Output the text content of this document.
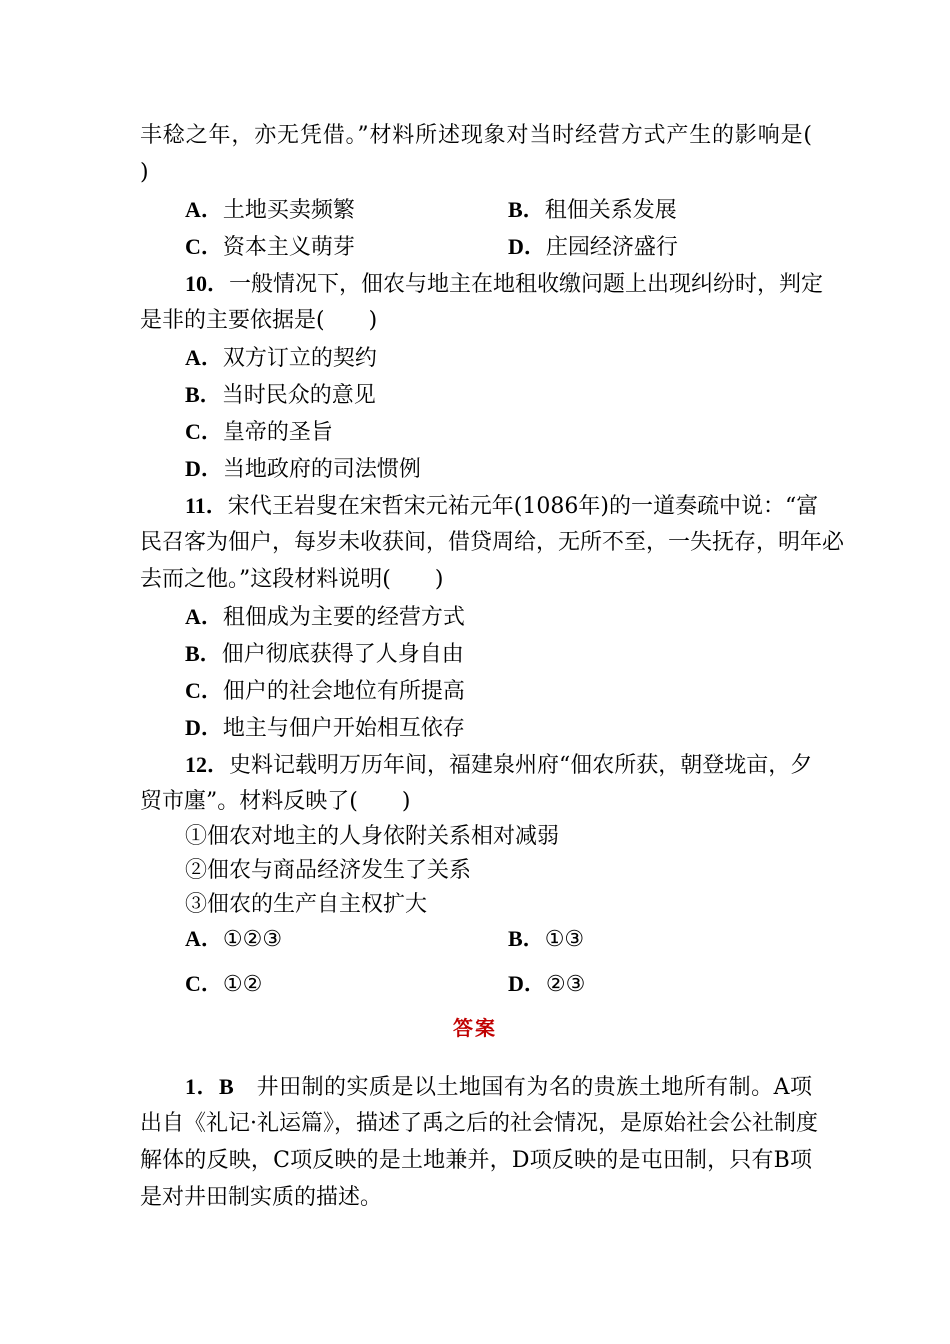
丰稔之年，亦无凭借。”材料所述现象对当时经营方式产生的影响是(
)
A．土地买卖频繁	B．租佃关系发展
C．资本主义萌芽	D．庄园经济盛行
10．一般情况下，佃农与地主在地租收缴问题上出现纠纷时，判定
是非的主要依据是(　　)
A．双方订立的契约
B．当时民众的意见
C．皇帝的圣旨
D．当地政府的司法惯例
11．宋代王岩叟在宋哲宋元祐元年(1086年)的一道奏疏中说：“富
民召客为佃户，每岁未收获间，借贷周给，无所不至，一失抚存，明年必
去而之他。”这段材料说明(　　)
A．租佃成为主要的经营方式
B．佃户彻底获得了人身自由
C．佃户的社会地位有所提高
D．地主与佃户开始相互依存
12．史料记载明万历年间，福建泉州府“佃农所获，朝登垅亩，夕
贸市廛”。材料反映了(　　)
①佃农对地主的人身依附关系相对减弱
②佃农与商品经济发生了关系
③佃农的生产自主权扩大
A．①②③	B．①③
C．①②	D．②③
答案
1．B　 井田制的实质是以土地国有为名的贵族土地所有制。A项
出自《礼记·礼运篇》，描述了禹之后的社会情况，是原始社会公社制度
解体的反映，C项反映的是土地兼并，D项反映的是屯田制，只有B项
是对井田制实质的描述。
